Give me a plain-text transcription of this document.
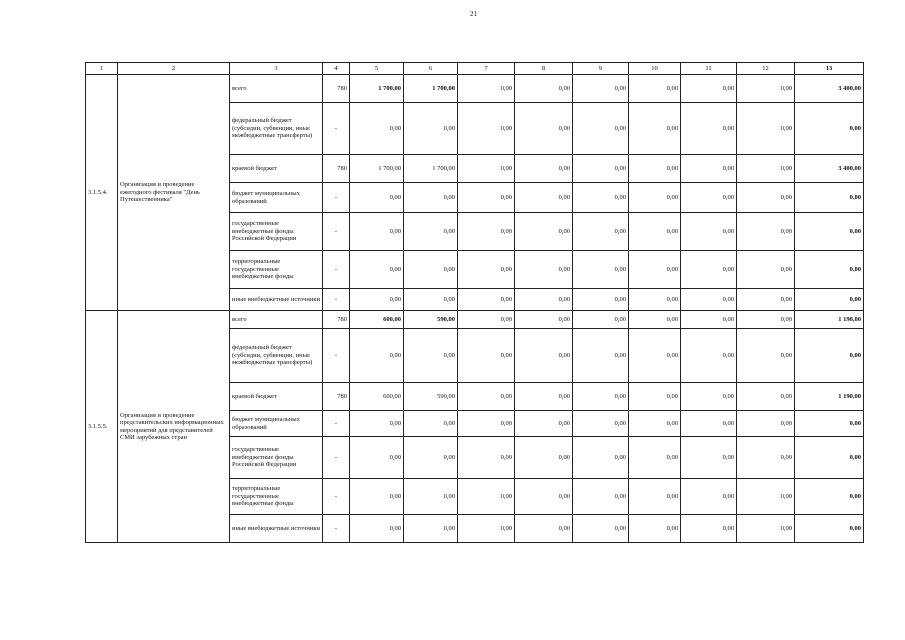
21
1	2	3	4	5	6	7	8	9	10	11	12	13
3.1.5.4.	Организация и проведение ежегодного фестиваля "День Путешественника"	всего	780	1 700,00	1 700,00	0,00	0,00	0,00	0,00	0,00	0,00	3 400,00
		федеральный бюджет (субсидии, субвенции, иные межбюджетные трансферты)	-	0,00	0,00	0,00	0,00	0,00	0,00	0,00	0,00	0,00
		краевой бюджет	780	1 700,00	1 700,00	0,00	0,00	0,00	0,00	0,00	0,00	3 400,00
		бюджет муниципальных образований	-	0,00	0,00	0,00	0,00	0,00	0,00	0,00	0,00	0,00
		государственные внебюджетные фонды Российской Федерации	-	0,00	0,00	0,00	0,00	0,00	0,00	0,00	0,00	0,00
		территориальные государственные внебюджетные фонды	-	0,00	0,00	0,00	0,00	0,00	0,00	0,00	0,00	0,00
		иные внебюджетные источники	-	0,00	0,00	0,00	0,00	0,00	0,00	0,00	0,00	0,00
3.1.5.5.	Организация и проведение представительских информационных мероприятий для представителей СМИ зарубежных стран	всего	780	600,00	590,00	0,00	0,00	0,00	0,00	0,00	0,00	1 190,00
		федеральный бюджет (субсидии, субвенции, иные межбюджетные трансферты)	-	0,00	0,00	0,00	0,00	0,00	0,00	0,00	0,00	0,00
		краевой бюджет	780	600,00	590,00	0,00	0,00	0,00	0,00	0,00	0,00	1 190,00
		бюджет муниципальных образований	-	0,00	0,00	0,00	0,00	0,00	0,00	0,00	0,00	0,00
		государственные внебюджетные фонды Российской Федерации	-	0,00	0,00	0,00	0,00	0,00	0,00	0,00	0,00	0,00
		территориальные государственные внебюджетные фонды	-	0,00	0,00	0,00	0,00	0,00	0,00	0,00	0,00	0,00
		иные внебюджетные источники	-	0,00	0,00	0,00	0,00	0,00	0,00	0,00	0,00	0,00
